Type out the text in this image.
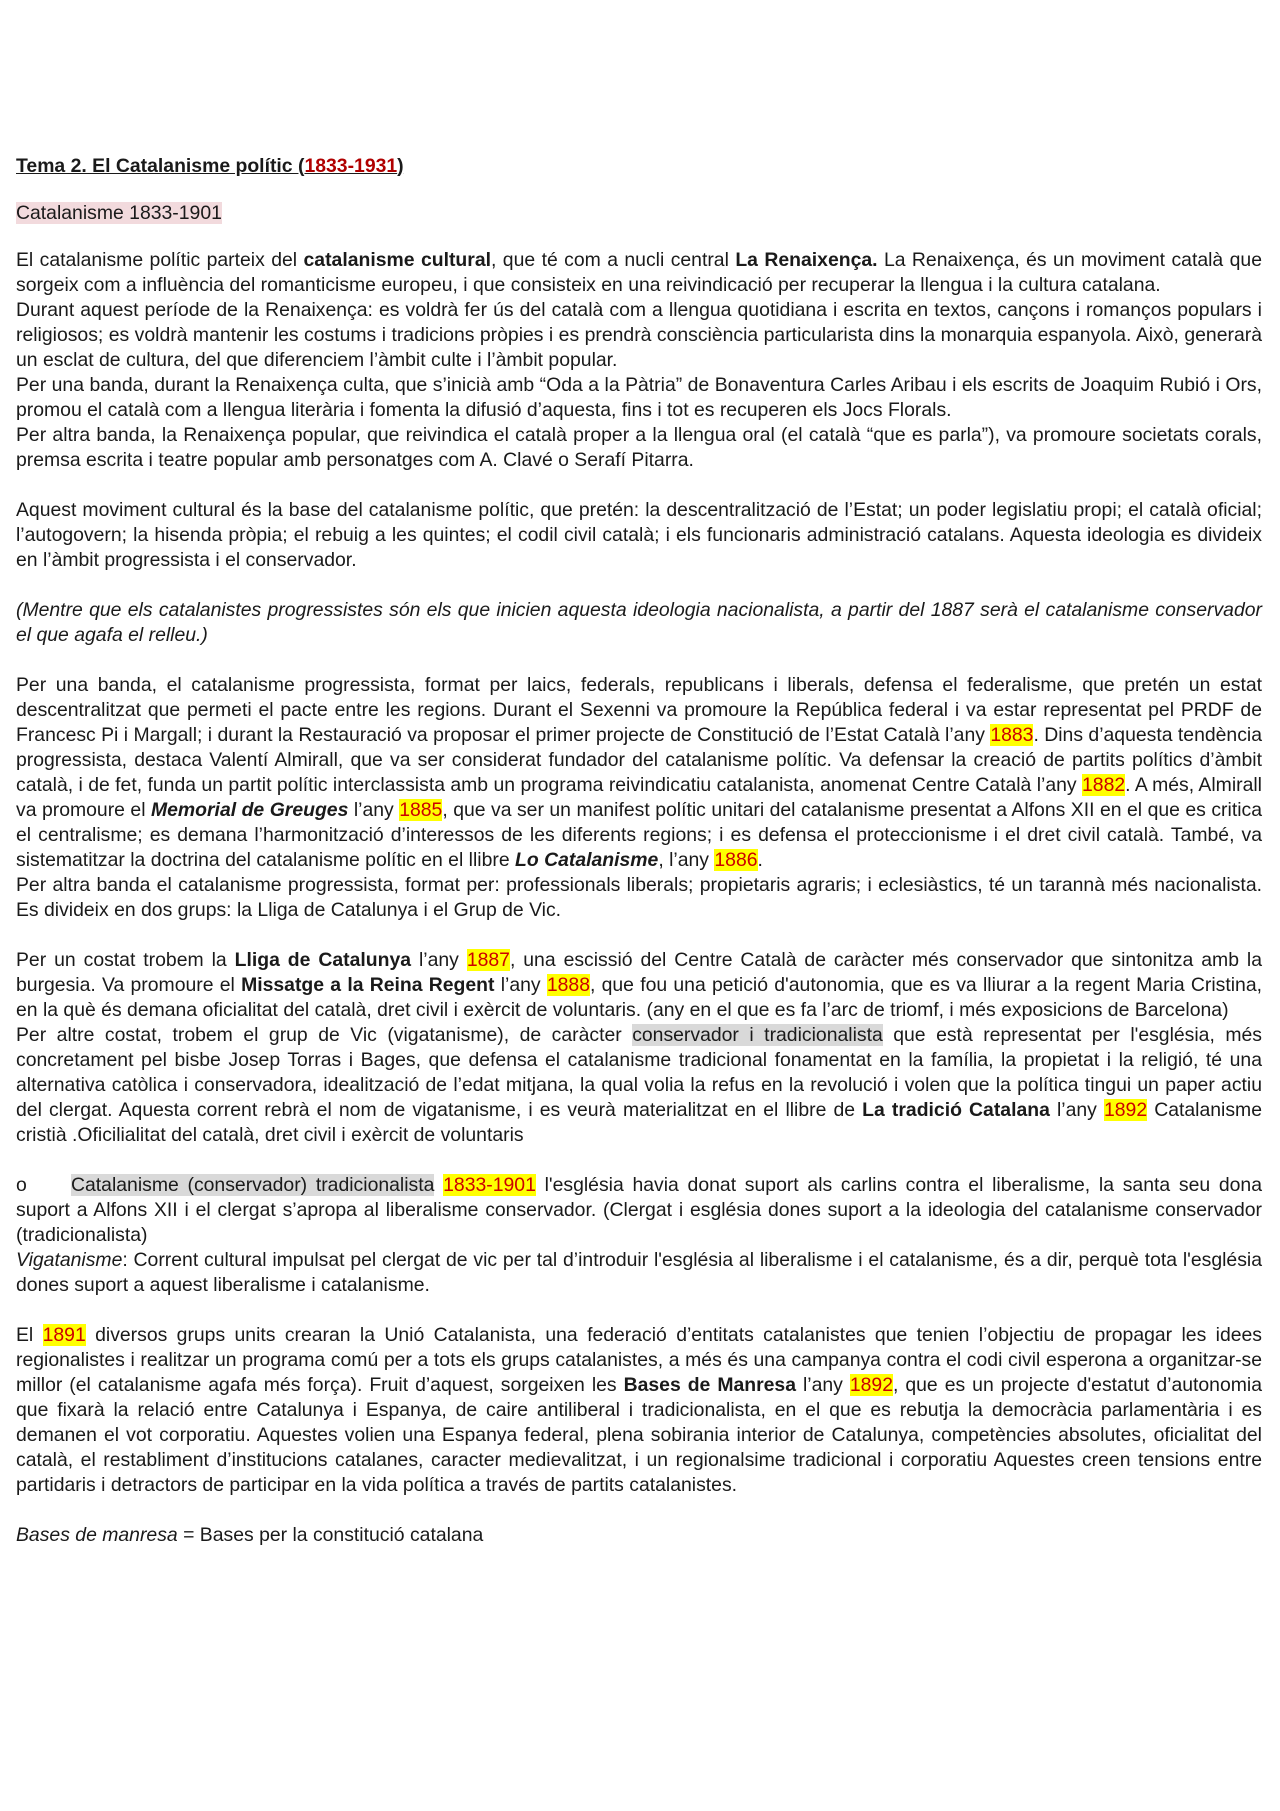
Tema 2. El Catalanisme polític (1833-1931)

Catalanisme 1833-1901

El catalanisme polític parteix del catalanisme cultural, que té com a nucli central La Renaixença. La Renaixença, és un moviment català que sorgeix com a influència del romanticisme europeu, i que consisteix en una reivindicació per recuperar la llengua i la cultura catalana.

Durant aquest període de la Renaixença: es voldrà fer ús del català com a llengua quotidiana i escrita en textos, cançons i romanços populars i religiosos; es voldrà mantenir les costums i tradicions pròpies i es prendrà consciència particularista dins la monarquia espanyola. Això, generarà un esclat de cultura, del que diferenciem l’àmbit culte i l’àmbit popular.

Per una banda, durant la Renaixença culta, que s’inicià amb “Oda a la Pàtria” de Bonaventura Carles Aribau i els escrits de Joaquim Rubió i Ors, promou el català com a llengua literària i fomenta la difusió d’aquesta, fins i tot es recuperen els Jocs Florals.

Per altra banda, la Renaixença popular, que reivindica el català proper a la llengua oral (el català “que es parla”), va promoure societats corals, premsa escrita i teatre popular amb personatges com A. Clavé o Serafí Pitarra.

Aquest moviment cultural és la base del catalanisme polític, que pretén: la descentralització de l’Estat; un poder legislatiu propi; el català oficial; l’autogovern; la hisenda pròpia; el rebuig a les quintes; el codil civil català; i els funcionaris administració catalans. Aquesta ideologia es divideix en l’àmbit progressista i el conservador.

(Mentre que els catalanistes progressistes són els que inicien aquesta ideologia nacionalista, a partir del 1887 serà el catalanisme conservador el que agafa el relleu.)

Per una banda, el catalanisme progressista, format per laics, federals, republicans i liberals, defensa el federalisme, que pretén un estat descentralitzat que permeti el pacte entre les regions. Durant el Sexenni va promoure la República federal i va estar representat pel PRDF de Francesc Pi i Margall; i durant la Restauració va proposar el primer projecte de Constitució de l’Estat Català l’any 1883. Dins d’aquesta tendència progressista, destaca Valentí Almirall, que va ser considerat fundador del catalanisme polític. Va defensar la creació de partits polítics d’àmbit català, i de fet, funda un partit polític interclassista amb un programa reivindicatiu catalanista, anomenat Centre Català l’any 1882. A més, Almirall va promoure el Memorial de Greuges l’any 1885, que va ser un manifest polític unitari del catalanisme presentat a Alfons XII en el que es critica el centralisme; es demana l’harmonització d’interessos de les diferents regions; i es defensa el proteccionisme i el dret civil català. També, va sistematitzar la doctrina del catalanisme polític en el llibre Lo Catalanisme, l’any 1886.

Per altra banda el catalanisme progressista, format per: professionals liberals; propietaris agraris; i eclesiàstics, té un tarannà més nacionalista. Es divideix en dos grups: la Lliga de Catalunya i el Grup de Vic.

Per un costat trobem la Lliga de Catalunya l’any 1887, una escissió del Centre Català de caràcter més conservador que sintonitza amb la burgesia. Va promoure el Missatge a la Reina Regent l’any 1888, que fou una petició d'autonomia, que es va lliurar a la regent Maria Cristina, en la què és demana oficialitat del català, dret civil i exèrcit de voluntaris. (any en el que es fa l’arc de triomf, i més exposicions de Barcelona)

Per altre costat, trobem el grup de Vic (vigatanisme), de caràcter conservador i tradicionalista que està representat per l'església, més concretament pel bisbe Josep Torras i Bages, que defensa el catalanisme tradicional fonamentat en la família, la propietat i la religió, té una alternativa catòlica i conservadora, idealització de l’edat mitjana, la qual volia la refus en la revolució i volen que la política tingui un paper actiu del clergat. Aquesta corrent rebrà el nom de vigatanisme, i es veurà materialitzat en el llibre de La tradició Catalana l’any 1892 Catalanisme cristià .Oficilialitat del català, dret civil i exèrcit de voluntaris

o Catalanisme (conservador) tradicionalista 1833-1901 l'església havia donat suport als carlins contra el liberalisme, la santa seu dona suport a Alfons XII i el clergat s’apropa al liberalisme conservador. (Clergat i església dones suport a la ideologia del catalanisme conservador (tradicionalista)

Vigatanisme: Corrent cultural impulsat pel clergat de vic per tal d’introduir l'església al liberalisme i el catalanisme, és a dir, perquè tota l'església dones suport a aquest liberalisme i catalanisme.

El 1891 diversos grups units crearan la Unió Catalanista, una federació d’entitats catalanistes que tenien l’objectiu de propagar les idees regionalistes i realitzar un programa comú per a tots els grups catalanistes, a més és una campanya contra el codi civil esperona a organitzar-se millor (el catalanisme agafa més força). Fruit d’aquest, sorgeixen les Bases de Manresa l’any 1892, que es un projecte d'estatut d’autonomia que fixarà la relació entre Catalunya i Espanya, de caire antiliberal i tradicionalista, en el que es rebutja la democràcia parlamentària i es demanen el vot corporatiu. Aquestes volien una Espanya federal, plena sobirania interior de Catalunya, competències absolutes, oficialitat del català, el restabliment d’institucions catalanes, caracter medievalitzat, i un regionalsime tradicional i corporatiu Aquestes creen tensions entre partidaris i detractors de participar en la vida política a través de partits catalanistes.

Bases de manresa = Bases per la constitució catalana
